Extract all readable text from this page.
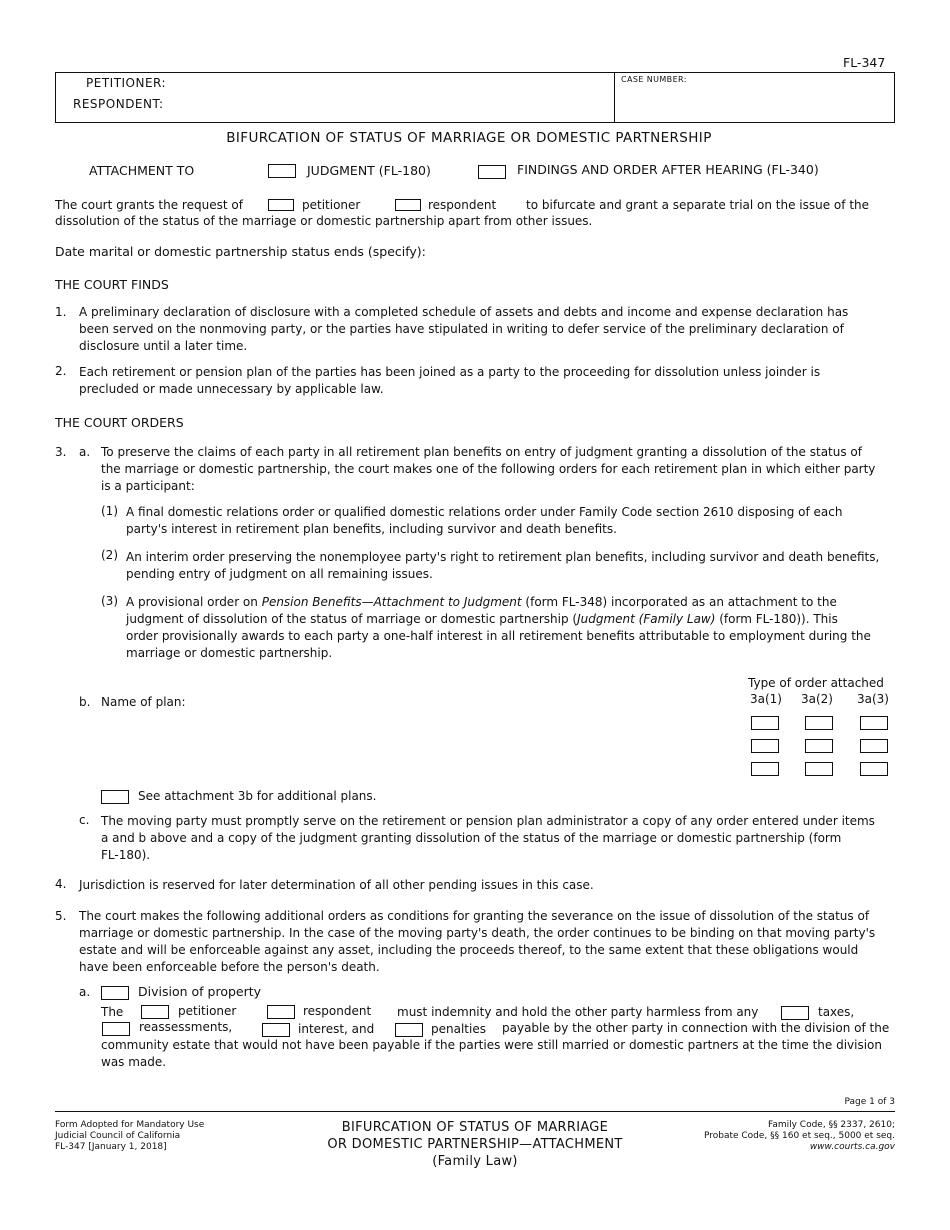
FL-347
PETITIONER:
RESPONDENT:
CASE NUMBER:
BIFURCATION OF STATUS OF MARRIAGE OR DOMESTIC PARTNERSHIP
ATTACHMENT TO	JUDGMENT (FL-180)	FINDINGS AND ORDER AFTER HEARING (FL-340)
The court grants the request of	petitioner	respondent to bifurcate and grant a separate trial on the issue of the
dissolution of the status of the marriage or domestic partnership apart from other issues.
Date marital or domestic partnership status ends (specify):
THE COURT FINDS
1. A preliminary declaration of disclosure with a completed schedule of assets and debts and income and expense declaration has
been served on the nonmoving party, or the parties have stipulated in writing to defer service of the preliminary declaration of
disclosure until a later time.
2. Each retirement or pension plan of the parties has been joined as a party to the proceeding for dissolution unless joinder is
precluded or made unnecessary by applicable law.
THE COURT ORDERS
3. a. To preserve the claims of each party in all retirement plan benefits on entry of judgment granting a dissolution of the status of
the marriage or domestic partnership, the court makes one of the following orders for each retirement plan in which either party
is a participant:
(1) A final domestic relations order or qualified domestic relations order under Family Code section 2610 disposing of each
party's interest in retirement plan benefits, including survivor and death benefits.
(2) An interim order preserving the nonemployee party's right to retirement plan benefits, including survivor and death benefits,
pending entry of judgment on all remaining issues.
(3) A provisional order on Pension Benefits—Attachment to Judgment (form FL-348) incorporated as an attachment to the
judgment of dissolution of the status of marriage or domestic partnership (Judgment (Family Law) (form FL-180)). This
order provisionally awards to each party a one-half interest in all retirement benefits attributable to employment during the
marriage or domestic partnership.
Type of order attached
3a(1) 3a(2) 3a(3)
b. Name of plan:
See attachment 3b for additional plans.
c. The moving party must promptly serve on the retirement or pension plan administrator a copy of any order entered under items
a and b above and a copy of the judgment granting dissolution of the status of the marriage or domestic partnership (form
FL-180).
4. Jurisdiction is reserved for later determination of all other pending issues in this case.
5. The court makes the following additional orders as conditions for granting the severance on the issue of dissolution of the status of
marriage or domestic partnership. In the case of the moving party's death, the order continues to be binding on that moving party's
estate and will be enforceable against any asset, including the proceeds thereof, to the same extent that these obligations would
have been enforceable before the person's death.
a.	Division of property
The	petitioner	respondent must indemnity and hold the other party harmless from any	taxes,
reassessments,	interest, and	penalties payable by the other party in connection with the division of the
community estate that would not have been payable if the parties were still married or domestic partners at the time the division
was made.
Page 1 of 3
Form Adopted for Mandatory Use
Judicial Council of California
FL-347 [January 1, 2018]
BIFURCATION OF STATUS OF MARRIAGE
OR DOMESTIC PARTNERSHIP—ATTACHMENT
(Family Law)
Family Code, §§ 2337, 2610;
Probate Code, §§ 160 et seq., 5000 et seq.
www.courts.ca.gov
